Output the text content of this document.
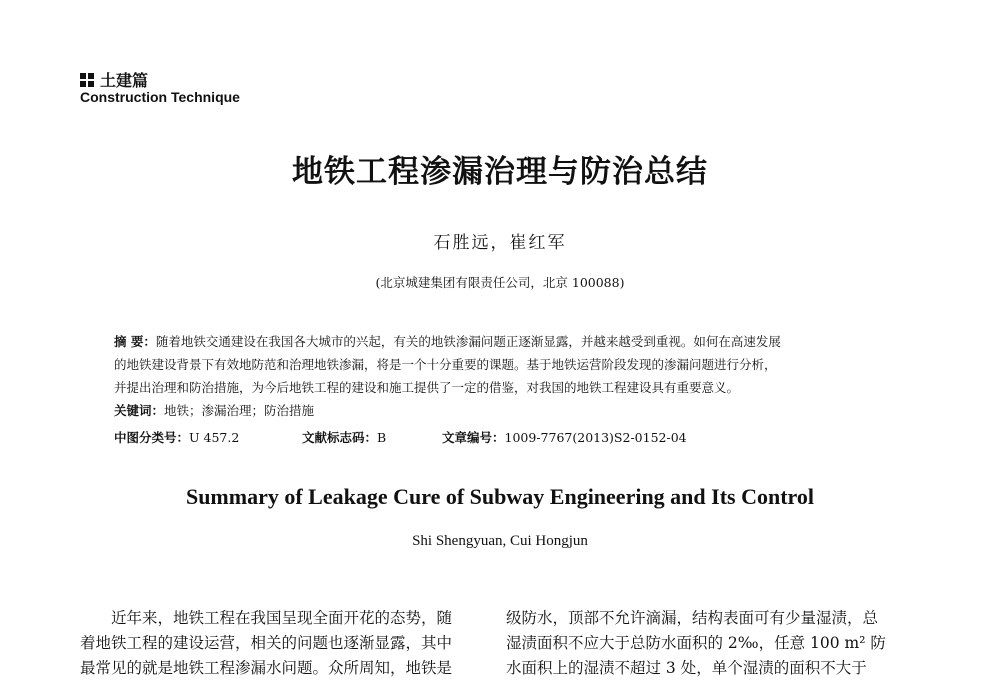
土建篇
Construction Technique
地铁工程渗漏治理与防治总结
石胜远，崔红军
(北京城建集团有限责任公司，北京 100088)
摘 要：随着地铁交通建设在我国各大城市的兴起，有关的地铁渗漏问题正逐渐显露，并越来越受到重视。如何在高速发展
的地铁建设背景下有效地防范和治理地铁渗漏，将是一个十分重要的课题。基于地铁运营阶段发现的渗漏问题进行分析，
并提出治理和防治措施，为今后地铁工程的建设和施工提供了一定的借鉴，对我国的地铁工程建设具有重要意义。
关键词：地铁；渗漏治理；防治措施
中图分类号：U 457.2	文献标志码：B	文章编号：1009-7767(2013)S2-0152-04
Summary of Leakage Cure of Subway Engineering and Its Control
Shi Shengyuan, Cui Hongjun
近年来，地铁工程在我国呈现全面开花的态势，随
着地铁工程的建设运营，相关的问题也逐渐显露，其中
最常见的就是地铁工程渗漏水问题。众所周知，地铁是
级防水，顶部不允许滴漏，结构表面可有少量湿渍，总
湿渍面积不应大于总防水面积的 2‰，任意 100 m² 防
水面积上的湿渍不超过 3 处，单个湿渍的面积不大于
